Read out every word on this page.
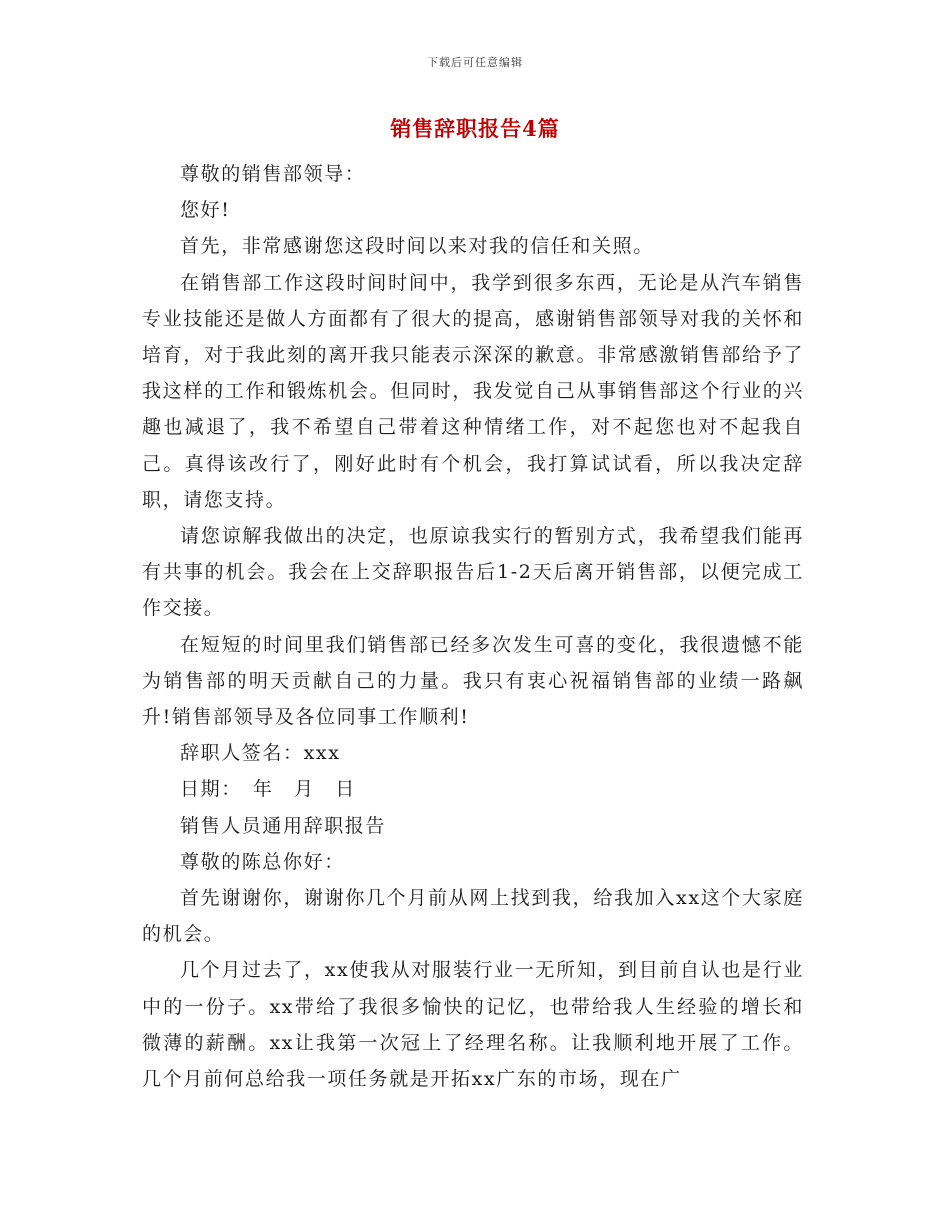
下载后可任意编辑
销售辞职报告4篇

尊敬的销售部领导：

您好!

首先，非常感谢您这段时间以来对我的信任和关照。

在销售部工作这段时间时间中，我学到很多东西，无论是从汽车销售专业技能还是做人方面都有了很大的提高，感谢销售部领导对我的关怀和培育，对于我此刻的离开我只能表示深深的歉意。非常感激销售部给予了我这样的工作和锻炼机会。但同时，我发觉自己从事销售部这个行业的兴趣也减退了，我不希望自己带着这种情绪工作，对不起您也对不起我自己。真得该改行了，刚好此时有个机会，我打算试试看，所以我决定辞职，请您支持。

请您谅解我做出的决定，也原谅我实行的暂别方式，我希望我们能再有共事的机会。我会在上交辞职报告后1-2天后离开销售部，以便完成工作交接。

在短短的时间里我们销售部已经多次发生可喜的变化，我很遗憾不能为销售部的明天贡献自己的力量。我只有衷心祝福销售部的业绩一路飙升!销售部领导及各位同事工作顺利!

辞职人签名：xxx

日期：　年　月　日

销售人员通用辞职报告

尊敬的陈总你好：

首先谢谢你，谢谢你几个月前从网上找到我，给我加入xx这个大家庭的机会。

几个月过去了，xx使我从对服装行业一无所知，到目前自认也是行业中的一份子。xx带给了我很多愉快的记忆，也带给我人生经验的增长和微薄的薪酬。xx让我第一次冠上了经理名称。让我顺利地开展了工作。几个月前何总给我一项任务就是开拓xx广东的市场，现在广
